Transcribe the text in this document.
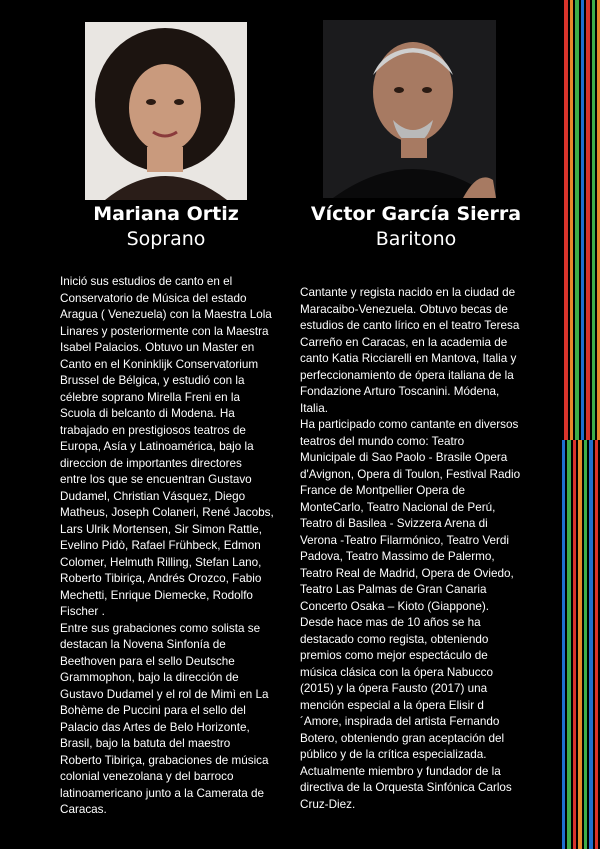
Mariana Ortiz
Soprano
Víctor García Sierra
Baritono

Inició sus estudios de canto en el

Conservatorio de Música del estado

Aragua ( Venezuela) con la Maestra Lola

Linares y posteriormente con la Maestra

Isabel Palacios. Obtuvo un Master en

Canto en el Koninklijk Conservatorium

Brussel de Bélgica, y estudió con la

célebre soprano Mirella Freni en la

Scuola di belcanto di Modena. Ha

trabajado en prestigiosos teatros de

Europa, Asía y Latinoamérica, bajo la

direccion de importantes directores

entre los que se encuentran Gustavo

Dudamel, Christian Vásquez, Diego

Matheus, Joseph Colaneri, René Jacobs,

Lars Ulrik Mortensen, Sir Simon Rattle,

Evelino Pidò, Rafael Frühbeck, Edmon

Colomer, Helmuth Rilling, Stefan Lano,

Roberto Tibiriça, Andrés Orozco, Fabio

Mechetti, Enrique Diemecke, Rodolfo

Fischer .

Entre sus grabaciones como solista se

destacan la Novena Sinfonía de

Beethoven para el sello Deutsche

Grammophon, bajo la dirección de

Gustavo Dudamel y el rol de Mimì en La

Bohème de Puccini para el sello del

Palacio das Artes de Belo Horizonte,

Brasil, bajo la batuta del maestro

Roberto Tibiriça, grabaciones de música

colonial venezolana y del barroco

latinoamericano junto a la Camerata de

Caracas.

Cantante y regista nacido en la ciudad de

Maracaibo-Venezuela. Obtuvo becas de

estudios de canto lírico en el teatro Teresa

Carreño en Caracas, en la academia de

canto Katia Ricciarelli en Mantova, Italia y

perfeccionamiento de ópera italiana de la

Fondazione Arturo Toscanini. Módena,

Italia.

Ha participado como cantante en diversos

teatros del mundo como: Teatro

Municipale di Sao Paolo - Brasile Opera

d'Avignon, Opera di Toulon, Festival Radio

France de Montpellier Opera de

MonteCarlo, Teatro Nacional de Perú,

Teatro di Basilea - Svizzera Arena di

Verona -Teatro Filarmónico, Teatro Verdi

Padova, Teatro Massimo de Palermo,

Teatro Real de Madrid, Opera de Oviedo,

Teatro Las Palmas de Gran Canaria

Concerto Osaka – Kioto (Giappone).

Desde hace mas de 10 años se ha

destacado como regista, obteniendo

premios como mejor espectáculo de

música clásica con la ópera Nabucco

(2015) y la ópera Fausto (2017) una

mención especial a la ópera Elisir d

´Amore, inspirada del artista Fernando

Botero, obteniendo gran aceptación del

público y de la crítica especializada.

Actualmente miembro y fundador de la

directiva de la Orquesta Sinfónica Carlos

Cruz-Diez.
